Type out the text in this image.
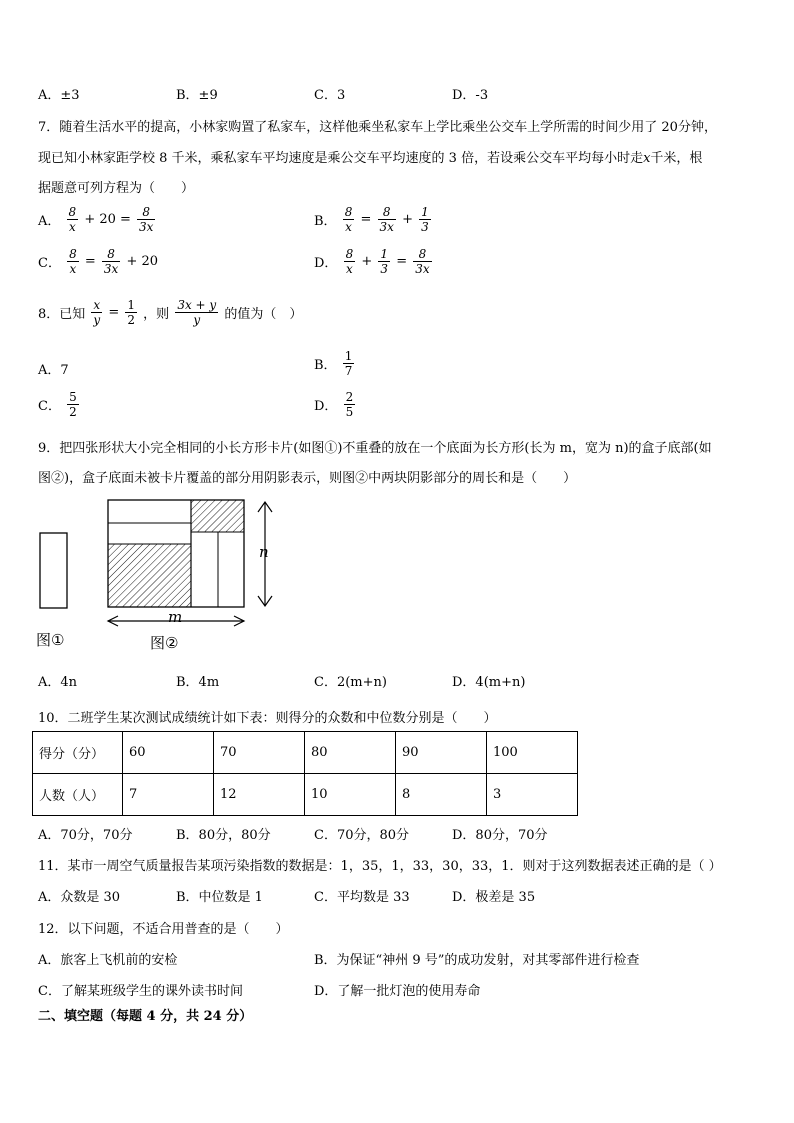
A．±3	B．±9	C．3	D．-3
7．随着生活水平的提高，小林家购置了私家车，这样他乘坐私家车上学比乘坐公交车上学所需的时间少用了 20分钟，
现已知小林家距学校 8 千米，乘私家车平均速度是乘公交车平均速度的 3 倍，若设乘公交车平均每小时走x千米，根
据题意可列方程为（　　）
A． $\frac{8}{x} + 20 = \frac{8}{3x}$	B． $\frac{8}{x} = \frac{8}{3x} + \frac{1}{3}$
C． $\frac{8}{x} = \frac{8}{3x} + 20$	D． $\frac{8}{x} + \frac{1}{3} = \frac{8}{3x}$
8．已知 $\frac{x}{y} = \frac{1}{2}$ ，则 $\frac{3x + y}{y}$ 的值为（　）
A．7	B． $\frac{1}{7}$
C． $\frac{5}{2}$	D． $\frac{2}{5}$
9．把四张形状大小完全相同的小长方形卡片(如图①)不重叠的放在一个底面为长方形(长为 m，宽为 n)的盒子底部(如
图②)，盒子底面未被卡片覆盖的部分用阴影表示，则图②中两块阴影部分的周长和是（　　）
n
m
图①	图②
A．4n	B．4m	C．2(m+n)	D．4(m+n)
10．二班学生某次测试成绩统计如下表：则得分的众数和中位数分别是（　　）
得分（分）	60	70	80	90	100
人数（人）	7	12	10	8	3
A．70分，70分	B．80分，80分	C．70分，80分	D．80分，70分
11．某市一周空气质量报告某项污染指数的数据是：1，35，1，33，30，33，1．则对于这列数据表述正确的是（ ）
A．众数是 30	B．中位数是 1	C．平均数是 33	D．极差是 35
12．以下问题，不适合用普查的是（　　）
A．旅客上飞机前的安检	B．为保证“神州 9 号”的成功发射，对其零部件进行检查
C．了解某班级学生的课外读书时间	D．了解一批灯泡的使用寿命
二、填空题（每题 4 分，共 24 分）
